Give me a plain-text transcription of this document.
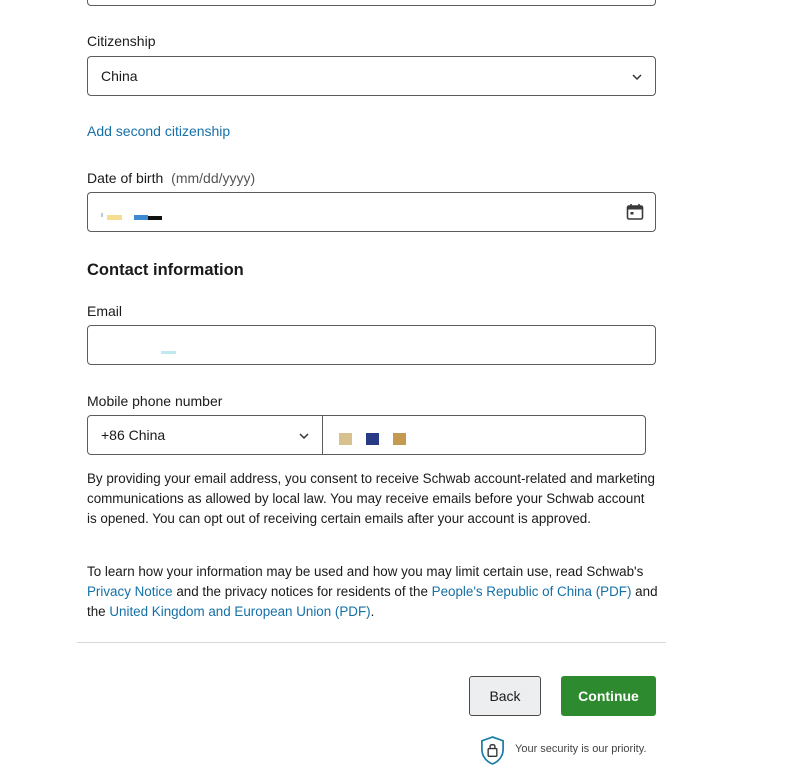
Citizenship
China
Add second citizenship
Date of birth (mm/dd/yyyy)
Contact information
Email
Mobile phone number
+86 China
By providing your email address, you consent to receive Schwab account-related and marketing communications as allowed by local law. You may receive emails before your Schwab account is opened. You can opt out of receiving certain emails after your account is approved.
To learn how your information may be used and how you may limit certain use, read Schwab's Privacy Notice and the privacy notices for residents of the People's Republic of China (PDF) and the United Kingdom and European Union (PDF).
Back	Continue
Your security is our priority.
